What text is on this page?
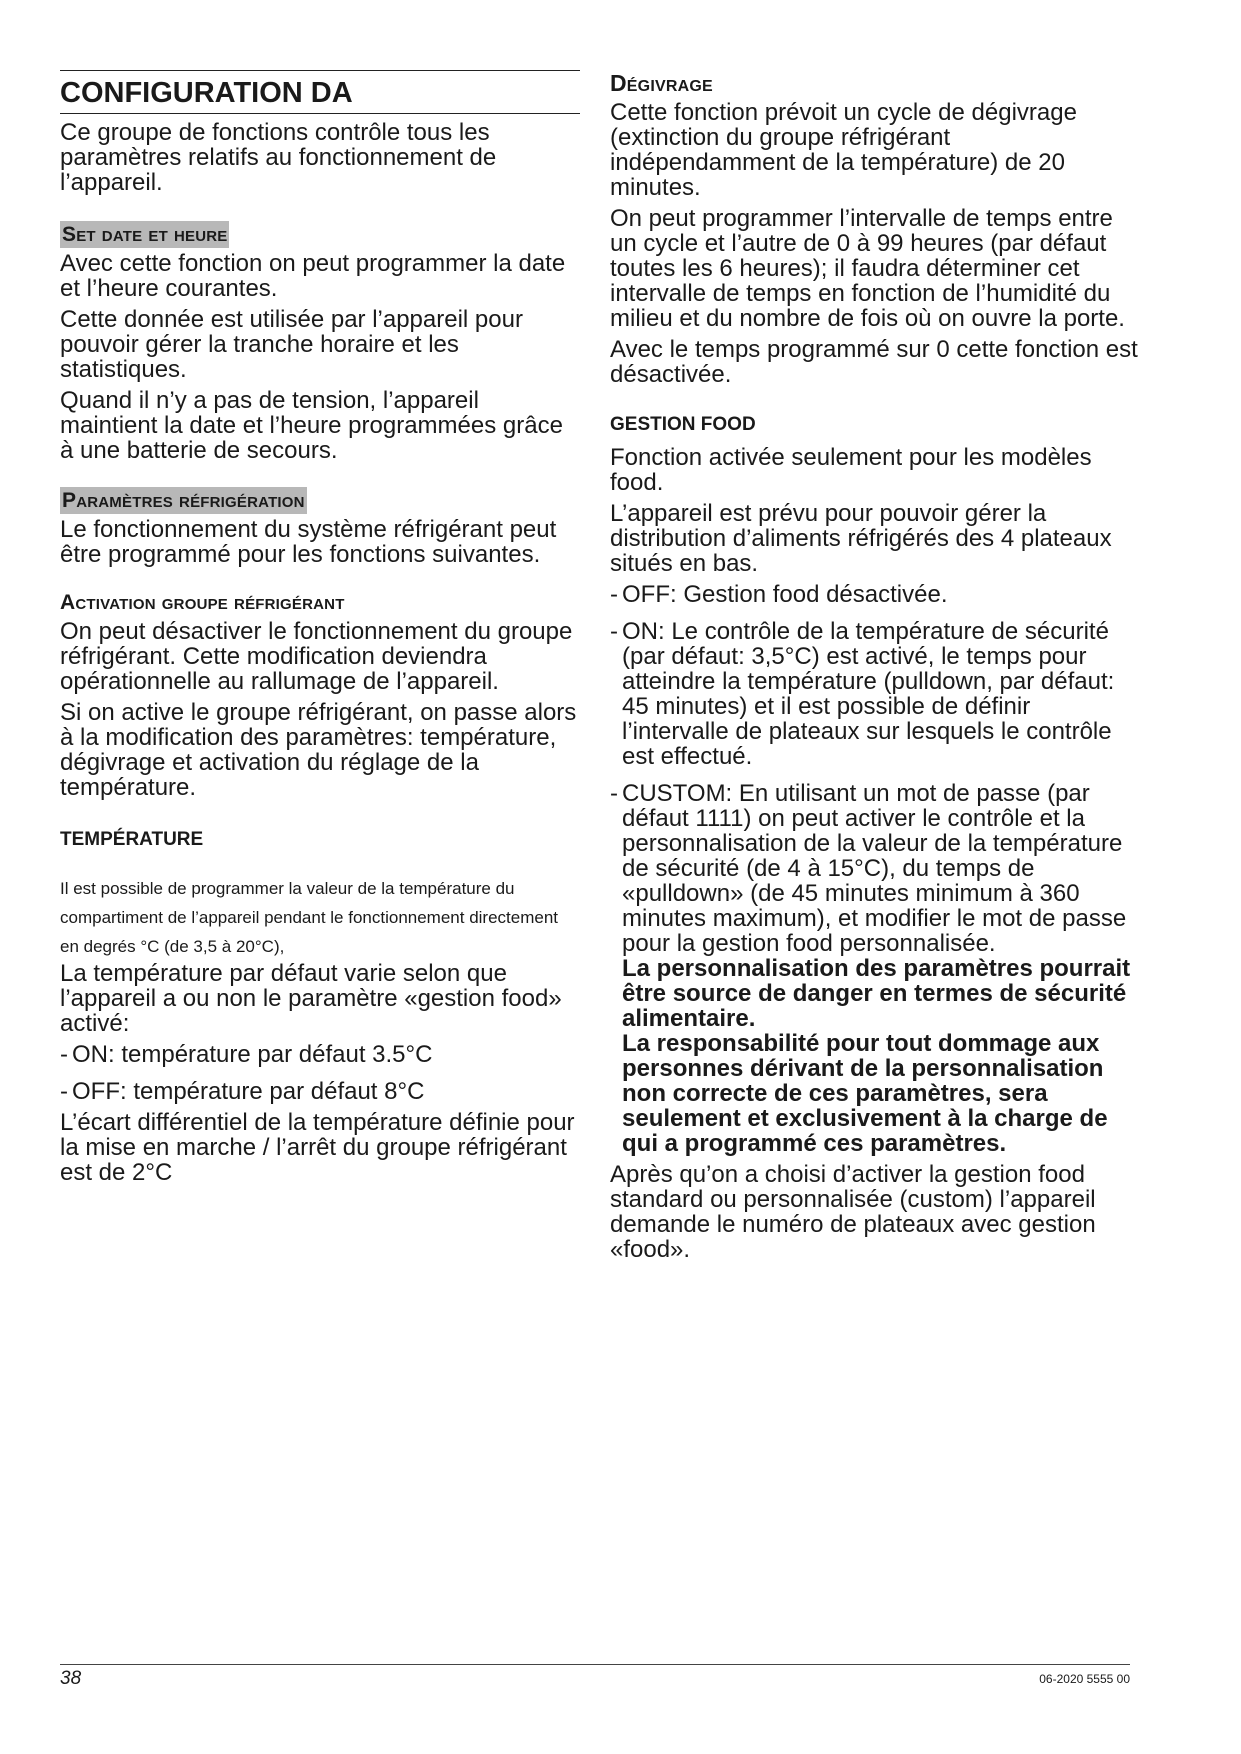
CONFIGURATION DA

Ce groupe de fonctions contrôle tous les paramètres relatifs au fonctionnement de l’appareil.

Set date et heure

Avec cette fonction on peut programmer la date et l’heure courantes.

Cette donnée est utilisée par l’appareil pour pouvoir gérer la tranche horaire et les statistiques.

Quand il n’y a pas de tension, l’appareil maintient la date et l’heure programmées grâce à une batterie de secours.

Paramètres réfrigération

Le fonctionnement du système réfrigérant peut être programmé pour les fonctions suivantes.

Activation groupe réfrigérant

On peut désactiver le fonctionnement du groupe réfrigérant. Cette modification deviendra opérationnelle au rallumage de l’appareil.

Si on active le groupe réfrigérant, on passe alors à la modification des paramètres: température, dégivrage et activation du réglage de la température.

TEMPÉRATURE

Il est possible de programmer la valeur de la température du compartiment de l’appareil pendant le fonctionnement directement en degrés °C (de 3,5 à 20°C),

La température par défaut varie selon que l’appareil a ou non le paramètre «gestion food» activé:

- ON: température par défaut 3.5°C
- OFF: température par défaut 8°C

L’écart différentiel de la température définie pour la mise en marche / l’arrêt du groupe réfrigérant est de 2°C

Dégivrage

Cette fonction prévoit un cycle de dégivrage (extinction du groupe réfrigérant indépendamment de la température) de 20 minutes.

On peut programmer l’intervalle de temps entre un cycle et l’autre de 0 à 99 heures (par défaut toutes les 6 heures); il faudra déterminer cet intervalle de temps en fonction de l’humidité du milieu et du nombre de fois où on ouvre la porte.

Avec le temps programmé sur 0 cette fonction est désactivée.

GESTION FOOD

Fonction activée seulement pour les modèles food.

L’appareil est prévu pour pouvoir gérer la distribution d’aliments réfrigérés des 4 plateaux situés en bas.

- OFF: Gestion food désactivée.
- ON: Le contrôle de la température de sécurité (par défaut: 3,5°C) est activé, le temps pour atteindre la température (pulldown, par défaut: 45 minutes) et il est possible de définir l’intervalle de plateaux sur lesquels le contrôle est effectué.
- CUSTOM: En utilisant un mot de passe (par défaut 1111) on peut activer le contrôle et la personnalisation de la valeur de la température de sécurité (de 4 à 15°C), du temps de «pulldown» (de 45 minutes minimum à 360 minutes maximum), et modifier le mot de passe pour la gestion food personnalisée.
La personnalisation des paramètres pourrait être source de danger en termes de sécurité alimentaire.
La responsabilité pour tout dommage aux personnes dérivant de la personnalisation non correcte de ces paramètres, sera seulement et exclusivement à la charge de qui a programmé ces paramètres.

Après qu’on a choisi d’activer la gestion food standard ou personnalisée (custom) l’appareil demande le numéro de plateaux avec gestion «food».

38	06-2020 5555 00
